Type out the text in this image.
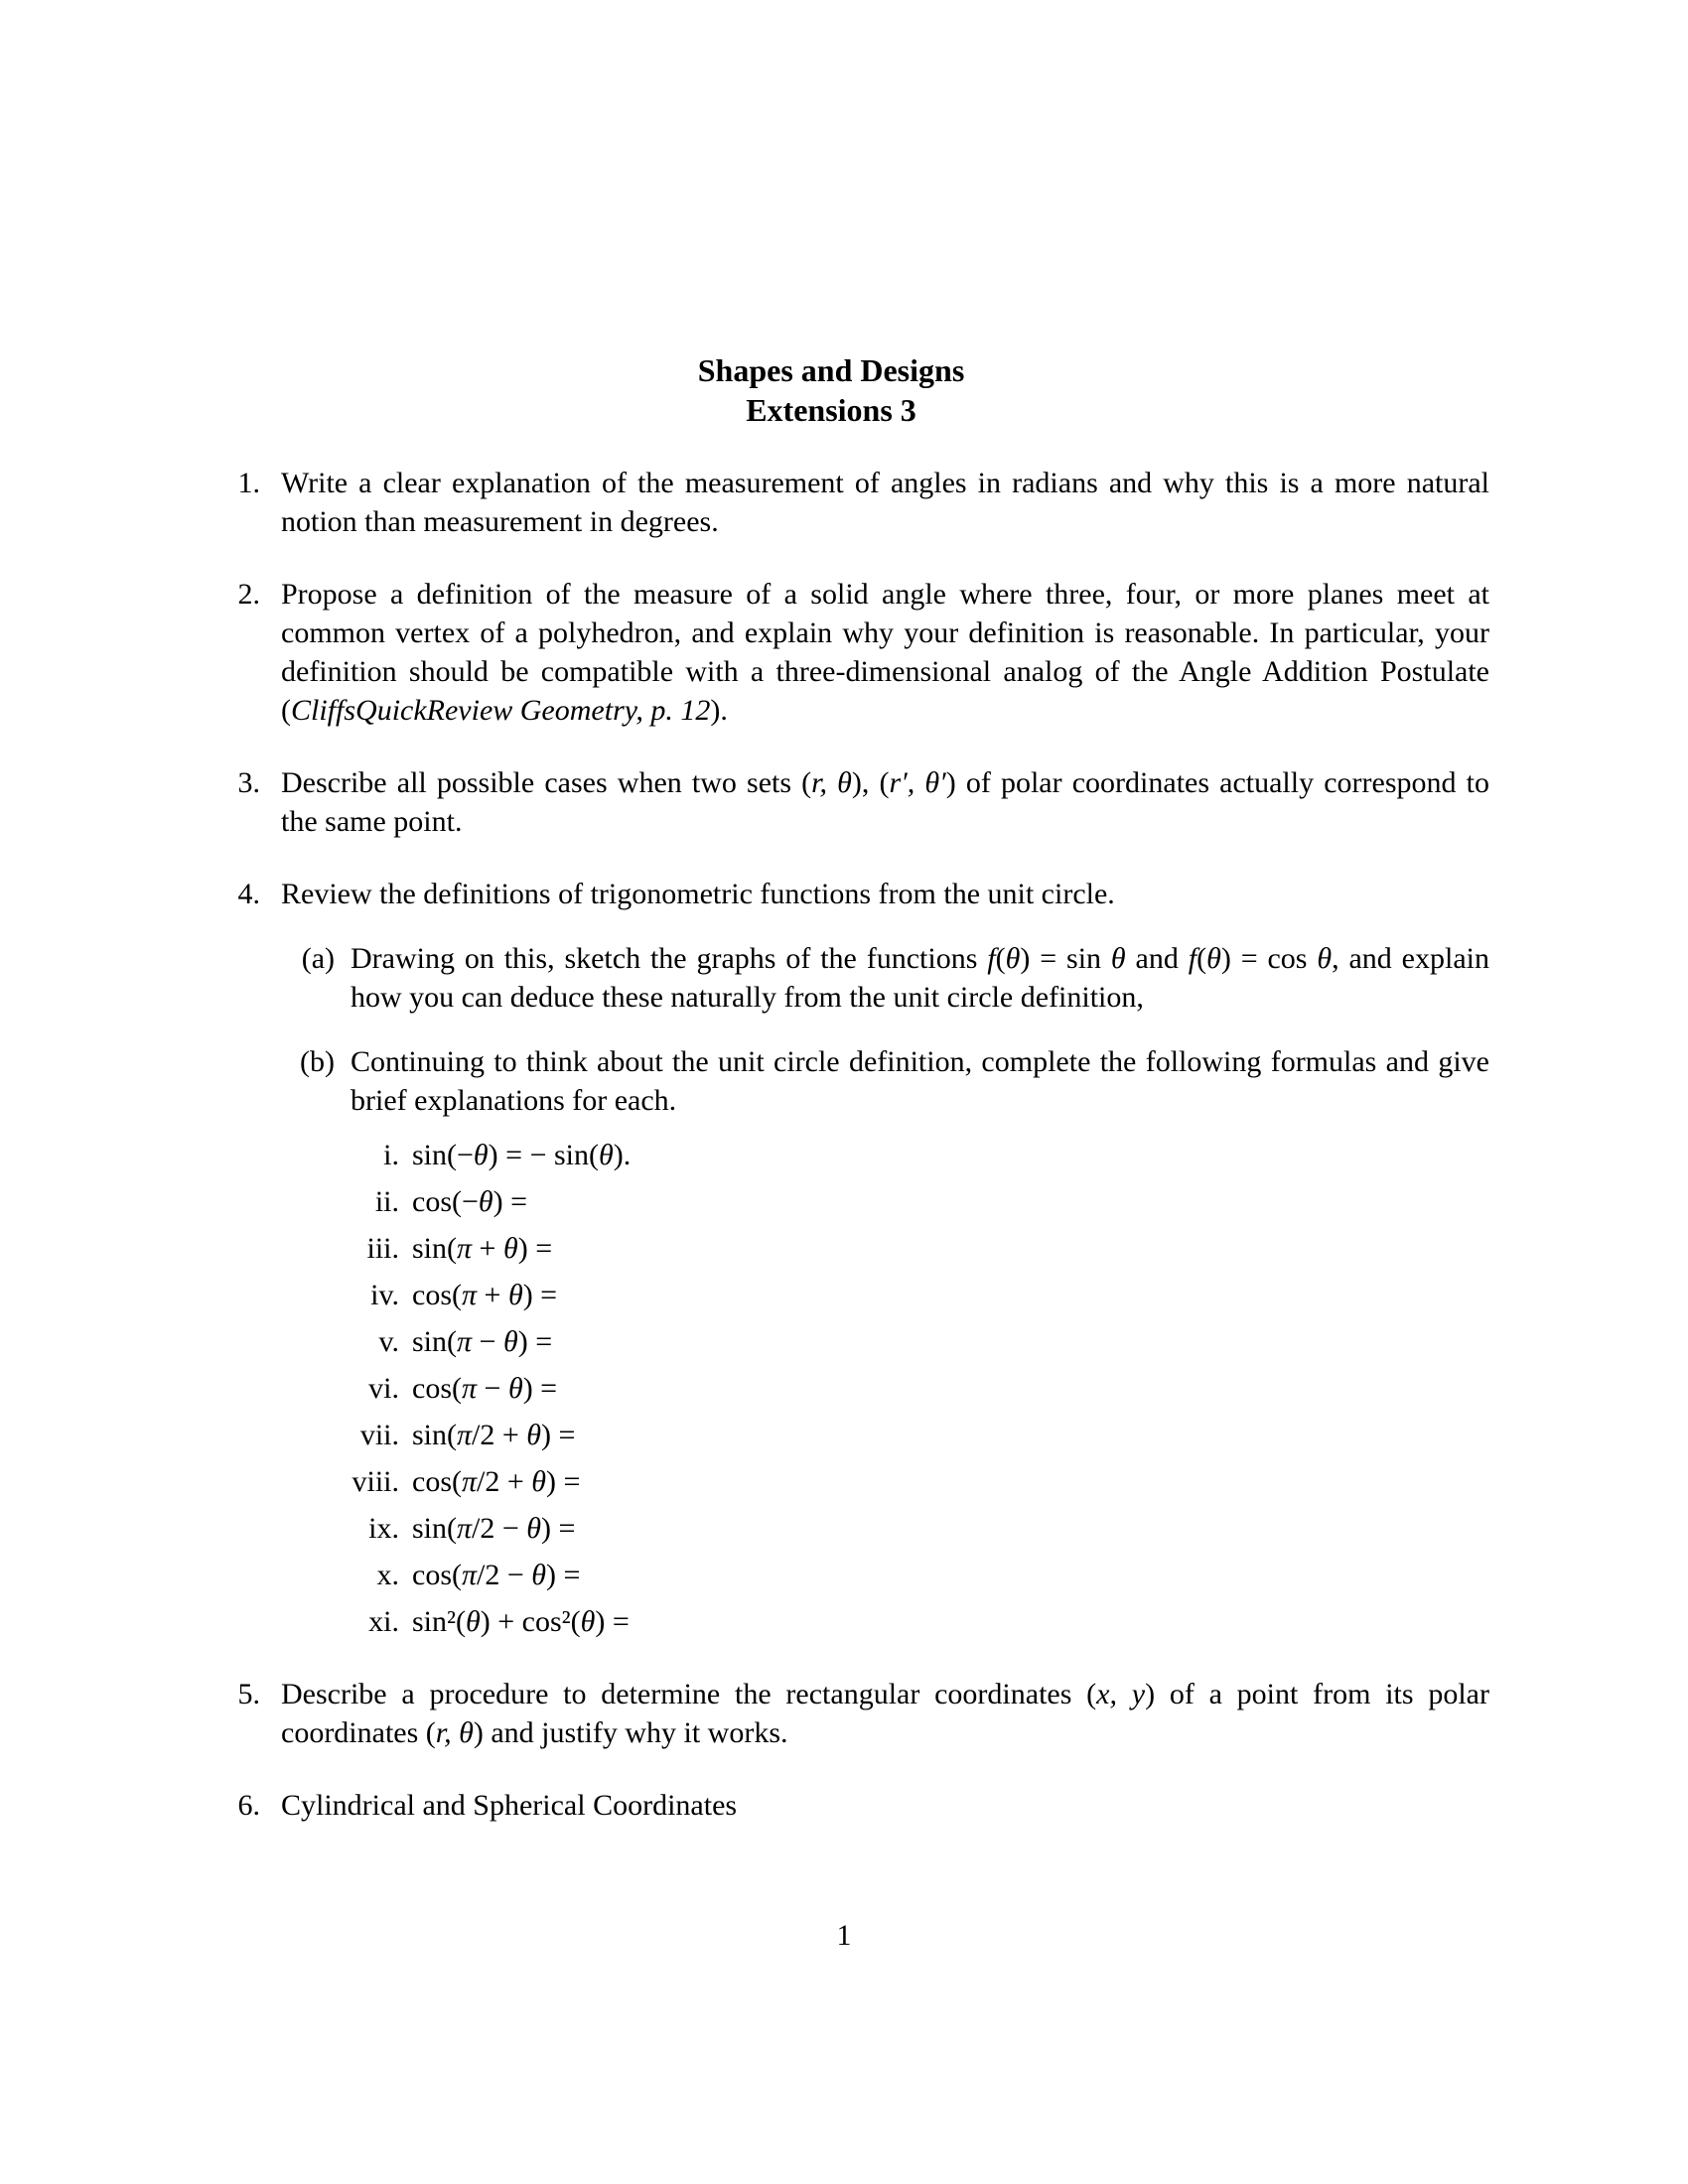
Shapes and Designs
Extensions 3
1. Write a clear explanation of the measurement of angles in radians and why this is a more natural notion than measurement in degrees.
2. Propose a definition of the measure of a solid angle where three, four, or more planes meet at common vertex of a polyhedron, and explain why your definition is reasonable. In particular, your definition should be compatible with a three-dimensional analog of the Angle Addition Postulate (CliffsQuickReview Geometry, p. 12).
3. Describe all possible cases when two sets (r, θ), (r′, θ′) of polar coordinates actually correspond to the same point.
4. Review the definitions of trigonometric functions from the unit circle.
(a) Drawing on this, sketch the graphs of the functions f(θ) = sin θ and f(θ) = cos θ, and explain how you can deduce these naturally from the unit circle definition,
(b) Continuing to think about the unit circle definition, complete the following formulas and give brief explanations for each.
i. sin(−θ) = − sin(θ).
ii. cos(−θ) =
iii. sin(π + θ) =
iv. cos(π + θ) =
v. sin(π − θ) =
vi. cos(π − θ) =
vii. sin(π/2 + θ) =
viii. cos(π/2 + θ) =
ix. sin(π/2 − θ) =
x. cos(π/2 − θ) =
xi. sin²(θ) + cos²(θ) =
5. Describe a procedure to determine the rectangular coordinates (x, y) of a point from its polar coordinates (r, θ) and justify why it works.
6. Cylindrical and Spherical Coordinates
1
